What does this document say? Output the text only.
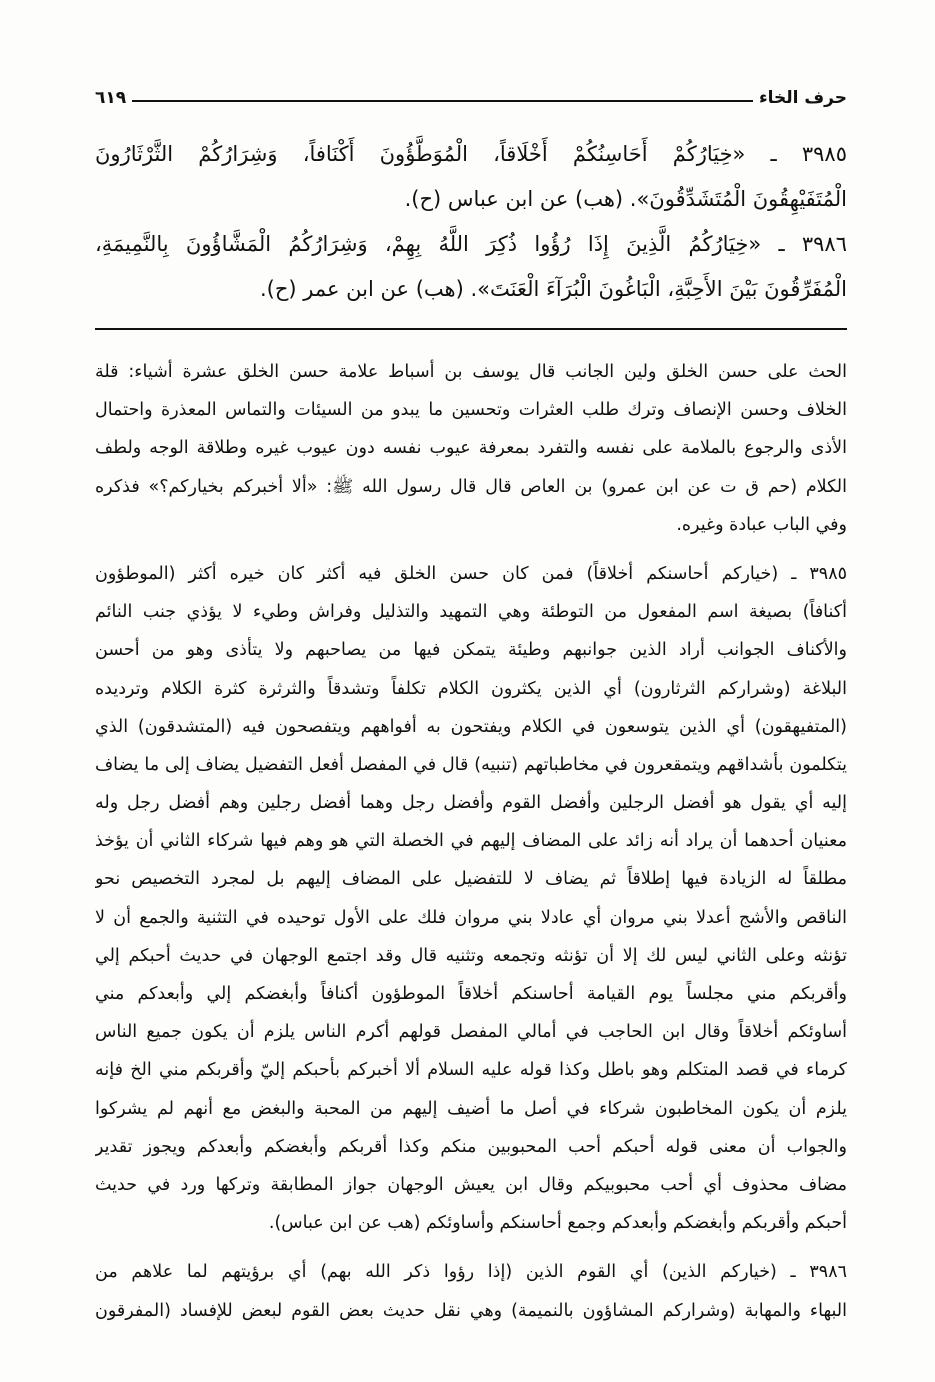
حرف الخاء
٦١٩
٣٩٨٥ ـ «خِيَارُكُمْ أَحَاسِنُكُمْ أَخْلَاقاً، الْمُوَطَّؤُونَ أَكْنَافاً، وَشِرَارُكُمْ الثَّرْثَارُونَ
الْمُتَفَيْهِقُونَ الْمُتَشَدِّقُونَ». (هب) عن ابن عباس (ح).
٣٩٨٦ ـ «خِيَارُكُمُ الَّذِينَ إِذَا رُؤُوا ذُكِرَ اللَّهُ بِهِمْ، وَشِرَارُكُمُ الْمَشَّاؤُونَ بِالنَّمِيمَةِ،
الْمُفَرِّقُونَ بَيْنَ الأَحِبَّةِ، الْبَاغُونَ الْبُرَآءَ الْعَنَتَ». (هب) عن ابن عمر (ح).
الحث على حسن الخلق ولين الجانب قال يوسف بن أسباط علامة حسن الخلق عشرة أشياء: قلة
الخلاف وحسن الإنصاف وترك طلب العثرات وتحسين ما يبدو من السيئات والتماس المعذرة واحتمال
الأذى والرجوع بالملامة على نفسه والتفرد بمعرفة عيوب نفسه دون عيوب غيره وطلاقة الوجه ولطف
الكلام (حم ق ت عن ابن عمرو) بن العاص قال قال رسول الله ﷺ: «ألا أخبركم بخياركم؟» فذكره
وفي الباب عبادة وغيره.
٣٩٨٥ ـ (خياركم أحاسنكم أخلاقاً) فمن كان حسن الخلق فيه أكثر كان خيره أكثر (الموطؤون
أكنافاً) بصيغة اسم المفعول من التوطئة وهي التمهيد والتذليل وفراش وطيء لا يؤذي جنب النائم
والأكناف الجوانب أراد الذين جوانبهم وطيئة يتمكن فيها من يصاحبهم ولا يتأذى وهو من أحسن
البلاغة (وشراركم الثرثارون) أي الذين يكثرون الكلام تكلفاً وتشدقاً والثرثرة كثرة الكلام وترديده
(المتفيهقون) أي الذين يتوسعون في الكلام ويفتحون به أفواههم ويتفصحون فيه (المتشدقون) الذي
يتكلمون بأشداقهم ويتمقعرون في مخاطباتهم (تنبيه) قال في المفصل أفعل التفضيل يضاف إلى ما يضاف
إليه أي يقول هو أفضل الرجلين وأفضل القوم وأفضل رجل وهما أفضل رجلين وهم أفضل رجل وله
معنيان أحدهما أن يراد أنه زائد على المضاف إليهم في الخصلة التي هو وهم فيها شركاء الثاني أن يؤخذ
مطلقاً له الزيادة فيها إطلاقاً ثم يضاف لا للتفضيل على المضاف إليهم بل لمجرد التخصيص نحو
الناقص والأشج أعدلا بني مروان أي عادلا بني مروان فلك على الأول توحيده في التثنية والجمع أن لا
تؤنثه وعلى الثاني ليس لك إلا أن تؤنثه وتجمعه وتثنيه قال وقد اجتمع الوجهان في حديث أحبكم إلي
وأقربكم مني مجلساً يوم القيامة أحاسنكم أخلاقاً الموطؤون أكنافاً وأبغضكم إلي وأبعدكم مني
أساوئكم أخلاقاً وقال ابن الحاجب في أمالي المفصل قولهم أكرم الناس يلزم أن يكون جميع الناس
كرماء في قصد المتكلم وهو باطل وكذا قوله عليه السلام ألا أخبركم بأحبكم إليّ وأقربكم مني الخ فإنه
يلزم أن يكون المخاطبون شركاء في أصل ما أضيف إليهم من المحبة والبغض مع أنهم لم يشركوا
والجواب أن معنى قوله أحبكم أحب المحبوبين منكم وكذا أقربكم وأبغضكم وأبعدكم ويجوز تقدير
مضاف محذوف أي أحب محبوبيكم وقال ابن يعيش الوجهان جواز المطابقة وتركها ورد في حديث
أحبكم وأقربكم وأبغضكم وأبعدكم وجمع أحاسنكم وأساوئكم (هب عن ابن عباس).
٣٩٨٦ ـ (خياركم الذين) أي القوم الذين (إذا رؤوا ذكر الله بهم) أي برؤيتهم لما علاهم من
البهاء والمهابة (وشراركم المشاؤون بالنميمة) وهي نقل حديث بعض القوم لبعض للإفساد (المفرقون
